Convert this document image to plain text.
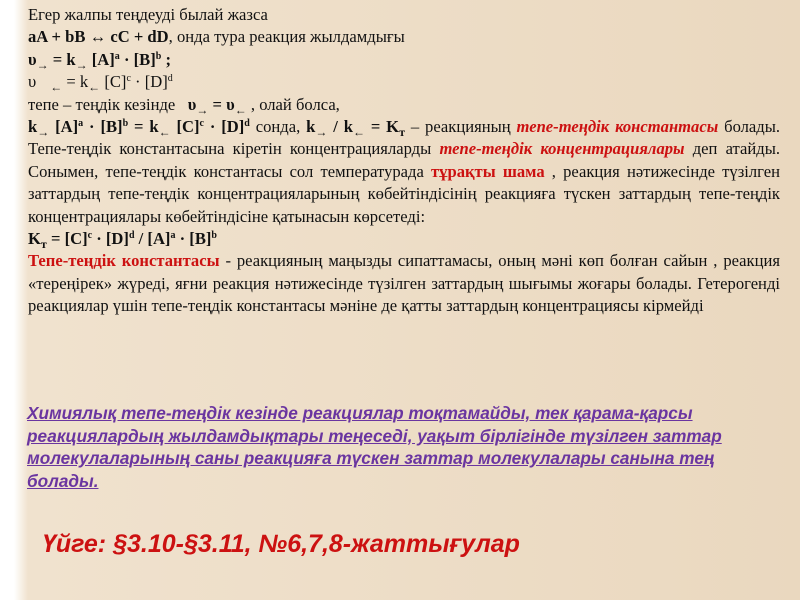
Егер жалпы теңдеуді былай жазса
aA + bB ↔ cC + dD, онда тура реакция жылдамдығы
$\upsilon_\to = k_\to$ $[A]^a \cdot [B]^b$ ;
υ $_\leftarrow = k_\leftarrow$ $[C]^c \cdot [D]^d$
тепе – теңдік кезінде $\upsilon_\to = \upsilon_\leftarrow$ , олай болса,
$k_\to$ $[A]^a \cdot [B]^b = k_\leftarrow$ $[C]^c \cdot [D]^d$ сонда, $k_\to / k_\leftarrow = K_т$ – реакцияның тепе-теңдік константасы болады. Тепе-теңдік константасына кіретін концентрацияларды тепе-теңдік концентрациялары деп атайды. Сонымен, тепе-теңдік константасы сол температурада тұрақты шама , реакция нәтижесінде түзілген заттардың тепе-теңдік концентрацияларының көбейтіндісінің реакцияға түскен заттардың тепе-теңдік концентрациялары көбейтіндісіне қатынасын көрсетеді:
$K_т = [C]^c \cdot [D]^d / [A]^a \cdot [B]^b$
Тепе-теңдік константасы - реакцияның маңызды сипаттамасы, оның мәні көп болған сайын , реакция «тереңірек» жүреді, яғни реакция нәтижесінде түзілген заттардың шығымы жоғары болады. Гетерогенді реакциялар үшін тепе-теңдік константасы мәніне де қатты заттардың концентрациясы кірмейді
Химиялық тепе-теңдік кезінде реакциялар тоқтамайды, тек қарама-қарсы реакциялардың жылдамдықтары теңеседі, уақыт бірлігінде түзілген заттар молекулаларының саны реакцияға түскен заттар молекулалары санына тең болады.
Үйге: §3.10-§3.11, №6,7,8-жаттығулар
